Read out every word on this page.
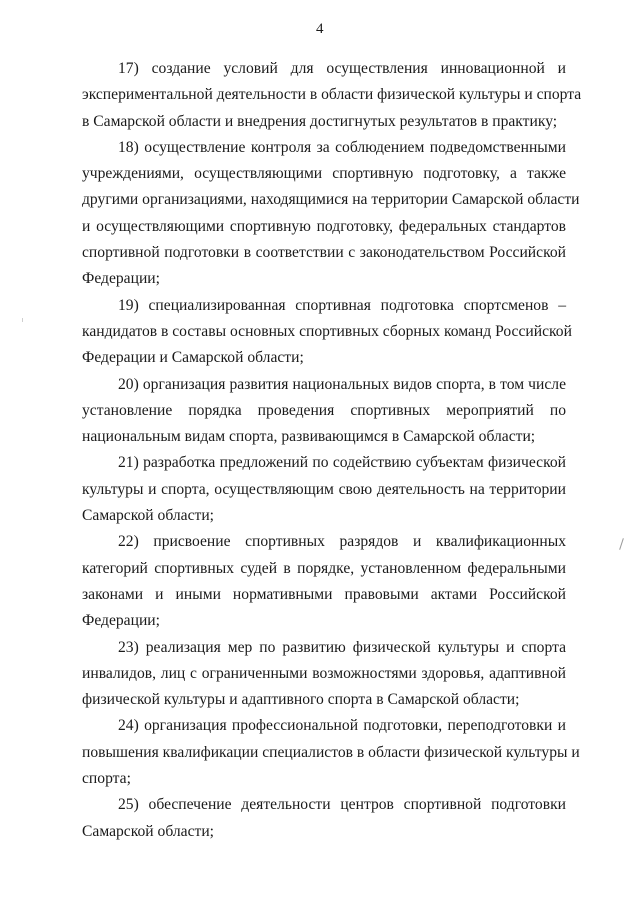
4

17) создание условий для осуществления инновационной и
экспериментальной деятельности в области физической культуры и спорта
в Самарской области и внедрения достигнутых результатов в практику;

18) осуществление контроля за соблюдением подведомственными
учреждениями, осуществляющими спортивную подготовку, а также
другими организациями, находящимися на территории Самарской области
и осуществляющими спортивную подготовку, федеральных стандартов
спортивной подготовки в соответствии с законодательством Российской
Федерации;

19) специализированная спортивная подготовка спортсменов –
кандидатов в составы основных спортивных сборных команд Российской
Федерации и Самарской области;

20) организация развития национальных видов спорта, в том числе
установление порядка проведения спортивных мероприятий по
национальным видам спорта, развивающимся в Самарской области;

21) разработка предложений по содействию субъектам физической
культуры и спорта, осуществляющим свою деятельность на территории
Самарской области;

22) присвоение спортивных разрядов и квалификационных
категорий спортивных судей в порядке, установленном федеральными
законами и иными нормативными правовыми актами Российской
Федерации;

23) реализация мер по развитию физической культуры и спорта
инвалидов, лиц с ограниченными возможностями здоровья, адаптивной
физической культуры и адаптивного спорта в Самарской области;

24) организация профессиональной подготовки, переподготовки и
повышения квалификации специалистов в области физической культуры и
спорта;

25) обеспечение деятельности центров спортивной подготовки
Самарской области;
